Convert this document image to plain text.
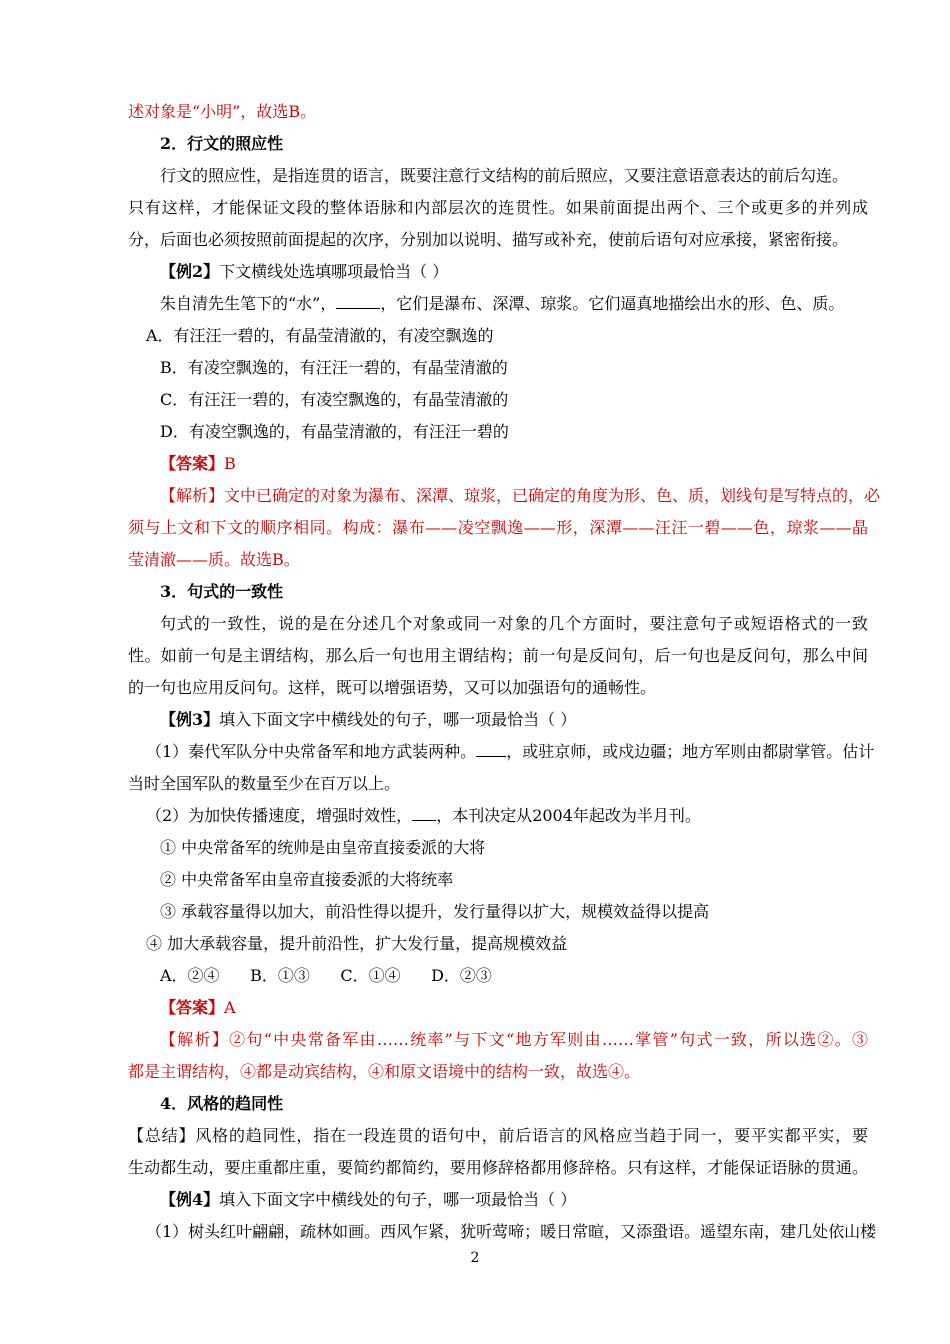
述对象是“小明”，故选B。
2．行文的照应性
行文的照应性，是指连贯的语言，既要注意行文结构的前后照应，又要注意语意表达的前后勾连。
只有这样，才能保证文段的整体语脉和内部层次的连贯性。如果前面提出两个、三个或更多的并列成
分，后面也必须按照前面提起的次序，分别加以说明、描写或补充，使前后语句对应承接，紧密衔接。
【例2】下文横线处选填哪项最恰当（ ）
朱自清先生笔下的“水”，	，它们是瀑布、深潭、琼浆。它们逼真地描绘出水的形、色、质。
A．有汪汪一碧的，有晶莹清澈的，有凌空飘逸的
B．有凌空飘逸的，有汪汪一碧的，有晶莹清澈的
C．有汪汪一碧的，有凌空飘逸的，有晶莹清澈的
D．有凌空飘逸的，有晶莹清澈的，有汪汪一碧的
【答案】B
【解析】文中已确定的对象为瀑布、深潭、琼浆，已确定的角度为形、色、质，划线句是写特点的，必
须与上文和下文的顺序相同。构成：瀑布——凌空飘逸——形，深潭——汪汪一碧——色，琼浆——晶
莹清澈——质。故选B。
3．句式的一致性
句式的一致性，说的是在分述几个对象或同一对象的几个方面时，要注意句子或短语格式的一致
性。如前一句是主谓结构，那么后一句也用主谓结构；前一句是反问句，后一句也是反问句，那么中间
的一句也应用反问句。这样，既可以增强语势，又可以加强语句的通畅性。
【例3】填入下面文字中横线处的句子，哪一项最恰当（ ）
（1）秦代军队分中央常备军和地方武装两种。 ，或驻京师，或戍边疆；地方军则由都尉掌管。估计
当时全国军队的数量至少在百万以上。
（2）为加快传播速度，增强时效性， ，本刊决定从2004年起改为半月刊。
① 中央常备军的统帅是由皇帝直接委派的大将
② 中央常备军由皇帝直接委派的大将统率
③ 承载容量得以加大，前沿性得以提升，发行量得以扩大，规模效益得以提高
④ 加大承载容量，提升前沿性，扩大发行量，提高规模效益
A．②④      B．①③      C．①④      D．②③
【答案】A
【解析】②句“中央常备军由……统率”与下文“地方军则由……掌管”句式一致，所以选②。③
都是主谓结构，④都是动宾结构，④和原文语境中的结构一致，故选④。
4．风格的趋同性
【总结】风格的趋同性，指在一段连贯的语句中，前后语言的风格应当趋于同一，要平实都平实，要
生动都生动，要庄重都庄重，要简约都简约，要用修辞格都用修辞格。只有这样，才能保证语脉的贯通。
【例4】填入下面文字中横线处的句子，哪一项最恰当（ ）
（1）树头红叶翩翩，疏林如画。西风乍紧，犹听莺啼；暖日常暄，又添蛩语。遥望东南，建几处依山楼
2
